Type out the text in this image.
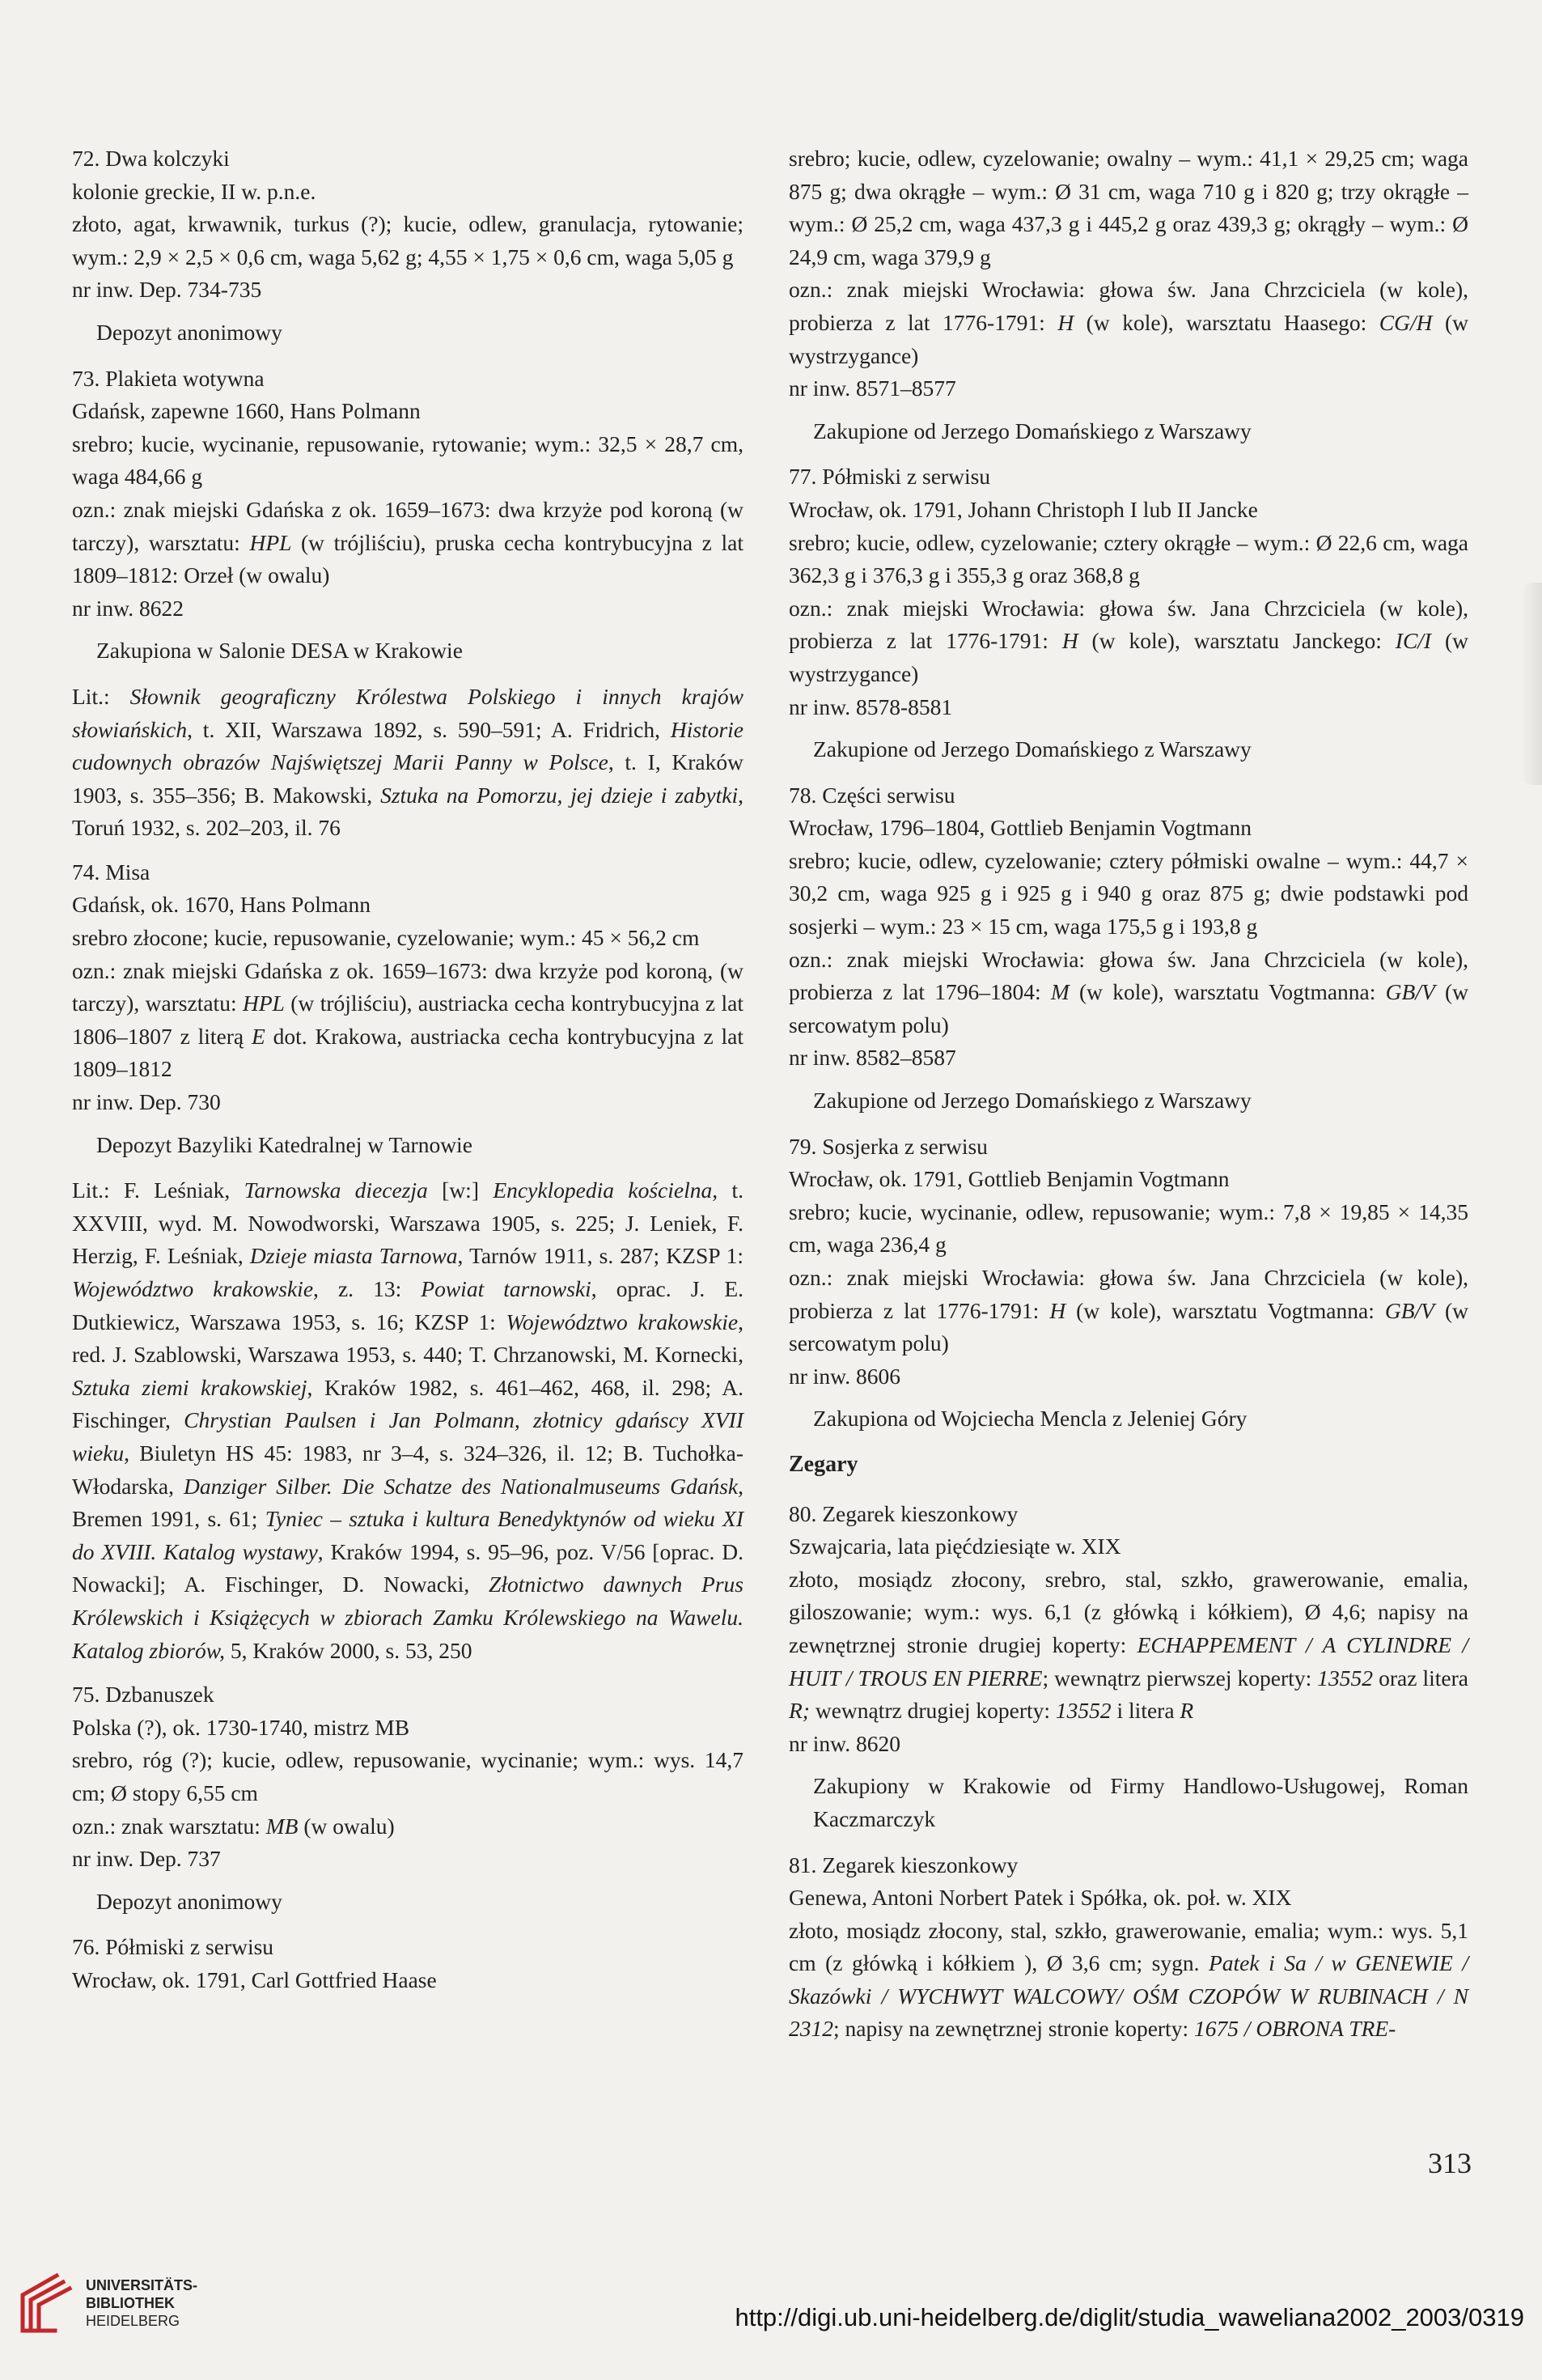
72. Dwa kolczyki
kolonie greckie, II w. p.n.e.
złoto, agat, krwawnik, turkus (?); kucie, odlew, granulacja, rytowanie; wym.: 2,9 × 2,5 × 0,6 cm, waga 5,62 g; 4,55 × 1,75 × 0,6 cm, waga 5,05 g
nr inw. Dep. 734-735

Depozyt anonimowy

73. Plakieta wotywna
Gdańsk, zapewne 1660, Hans Polmann
srebro; kucie, wycinanie, repusowanie, rytowanie; wym.: 32,5 × 28,7 cm, waga 484,66 g
ozn.: znak miejski Gdańska z ok. 1659–1673: dwa krzyże pod koroną (w tarczy), warsztatu: HPL (w trójliściu), pruska cecha kontrybucyjna z lat 1809–1812: Orzeł (w owalu)
nr inw. 8622

Zakupiona w Salonie DESA w Krakowie

Lit.: Słownik geograficzny Królestwa Polskiego i innych krajów słowiańskich, t. XII, Warszawa 1892, s. 590–591; A. Fridrich, Historie cudownych obrazów Najświętszej Marii Panny w Polsce, t. I, Kraków 1903, s. 355–356; B. Makowski, Sztuka na Pomorzu, jej dzieje i zabytki, Toruń 1932, s. 202–203, il. 76

74. Misa
Gdańsk, ok. 1670, Hans Polmann
srebro złocone; kucie, repusowanie, cyzelowanie; wym.: 45 × 56,2 cm
ozn.: znak miejski Gdańska z ok. 1659–1673: dwa krzyże pod koroną, (w tarczy), warsztatu: HPL (w trójliściu), austriacka cecha kontrybucyjna z lat 1806–1807 z literą E dot. Krakowa, austriacka cecha kontrybucyjna z lat 1809–1812
nr inw. Dep. 730

Depozyt Bazyliki Katedralnej w Tarnowie

Lit.: F. Leśniak, Tarnowska diecezja [w:] Encyklopedia kościelna, t. XXVIII, wyd. M. Nowodworski, Warszawa 1905, s. 225; J. Leniek, F. Herzig, F. Leśniak, Dzieje miasta Tarnowa, Tarnów 1911, s. 287; KZSP 1: Województwo krakowskie, z. 13: Powiat tarnowski, oprac. J. E. Dutkiewicz, Warszawa 1953, s. 16; KZSP 1: Województwo krakowskie, red. J. Szablowski, Warszawa 1953, s. 440; T. Chrzanowski, M. Kornecki, Sztuka ziemi krakowskiej, Kraków 1982, s. 461–462, 468, il. 298; A. Fischinger, Chrystian Paulsen i Jan Polmann, złotnicy gdańscy XVII wieku, Biuletyn HS 45: 1983, nr 3–4, s. 324–326, il. 12; B. Tuchołka-Włodarska, Danziger Silber. Die Schatze des Nationalmuseums Gdańsk, Bremen 1991, s. 61; Tyniec – sztuka i kultura Benedyktynów od wieku XI do XVIII. Katalog wystawy, Kraków 1994, s. 95–96, poz. V/56 [oprac. D. Nowacki]; A. Fischinger, D. Nowacki, Złotnictwo dawnych Prus Królewskich i Książęcych w zbiorach Zamku Królewskiego na Wawelu. Katalog zbiorów, 5, Kraków 2000, s. 53, 250

75. Dzbanuszek
Polska (?), ok. 1730-1740, mistrz MB
srebro, róg (?); kucie, odlew, repusowanie, wycinanie; wym.: wys. 14,7 cm; Ø stopy 6,55 cm
ozn.: znak warsztatu: MB (w owalu)
nr inw. Dep. 737

Depozyt anonimowy

76. Półmiski z serwisu
Wrocław, ok. 1791, Carl Gottfried Haase

srebro; kucie, odlew, cyzelowanie; owalny – wym.: 41,1 × 29,25 cm; waga 875 g; dwa okrągłe – wym.: Ø 31 cm, waga 710 g i 820 g; trzy okrągłe – wym.: Ø 25,2 cm, waga 437,3 g i 445,2 g oraz 439,3 g; okrągły – wym.: Ø 24,9 cm, waga 379,9 g
ozn.: znak miejski Wrocławia: głowa św. Jana Chrzciciela (w kole), probierza z lat 1776-1791: H (w kole), warsztatu Haasego: CG/H (w wystrzygance)
nr inw. 8571–8577

Zakupione od Jerzego Domańskiego z Warszawy

77. Półmiski z serwisu
Wrocław, ok. 1791, Johann Christoph I lub II Jancke
srebro; kucie, odlew, cyzelowanie; cztery okrągłe – wym.: Ø 22,6 cm, waga 362,3 g i 376,3 g i 355,3 g oraz 368,8 g
ozn.: znak miejski Wrocławia: głowa św. Jana Chrzciciela (w kole), probierza z lat 1776-1791: H (w kole), warsztatu Janckego: IC/I (w wystrzygance)
nr inw. 8578-8581

Zakupione od Jerzego Domańskiego z Warszawy

78. Części serwisu
Wrocław, 1796–1804, Gottlieb Benjamin Vogtmann
srebro; kucie, odlew, cyzelowanie; cztery półmiski owalne – wym.: 44,7 × 30,2 cm, waga 925 g i 925 g i 940 g oraz 875 g; dwie podstawki pod sosjerki – wym.: 23 × 15 cm, waga 175,5 g i 193,8 g
ozn.: znak miejski Wrocławia: głowa św. Jana Chrzciciela (w kole), probierza z lat 1796–1804: M (w kole), warsztatu Vogtmanna: GB/V (w sercowatym polu)
nr inw. 8582–8587

Zakupione od Jerzego Domańskiego z Warszawy

79. Sosjerka z serwisu
Wrocław, ok. 1791, Gottlieb Benjamin Vogtmann
srebro; kucie, wycinanie, odlew, repusowanie; wym.: 7,8 × 19,85 × 14,35 cm, waga 236,4 g
ozn.: znak miejski Wrocławia: głowa św. Jana Chrzciciela (w kole), probierza z lat 1776-1791: H (w kole), warsztatu Vogtmanna: GB/V (w sercowatym polu)
nr inw. 8606

Zakupiona od Wojciecha Mencla z Jeleniej Góry

Zegary

80. Zegarek kieszonkowy
Szwajcaria, lata pięćdziesiąte w. XIX
złoto, mosiądz złocony, srebro, stal, szkło, grawerowanie, emalia, giloszowanie; wym.: wys. 6,1 (z główką i kółkiem), Ø 4,6; napisy na zewnętrznej stronie drugiej koperty: ECHAPPEMENT / A CYLINDRE / HUIT / TROUS EN PIERRE; wewnątrz pierwszej koperty: 13552 oraz litera R; wewnątrz drugiej koperty: 13552 i litera R
nr inw. 8620

Zakupiony w Krakowie od Firmy Handlowo-Usługowej, Roman Kaczmarczyk

81. Zegarek kieszonkowy
Genewa, Antoni Norbert Patek i Spółka, ok. poł. w. XIX
złoto, mosiądz złocony, stal, szkło, grawerowanie, emalia; wym.: wys. 5,1 cm (z główką i kółkiem ), Ø 3,6 cm; sygn. Patek i Sa / w GENEWIE / Skazówki / WYCHWYT WALCOWY/ OŚM CZOPÓW W RUBINACH / N 2312; napisy na zewnętrznej stronie koperty: 1675 / OBRONA TRE-

313
UNIVERSITÄTS-
BIBLIOTHEK
HEIDELBERG	http://digi.ub.uni-heidelberg.de/diglit/studia_waweliana2002_2003/0319
